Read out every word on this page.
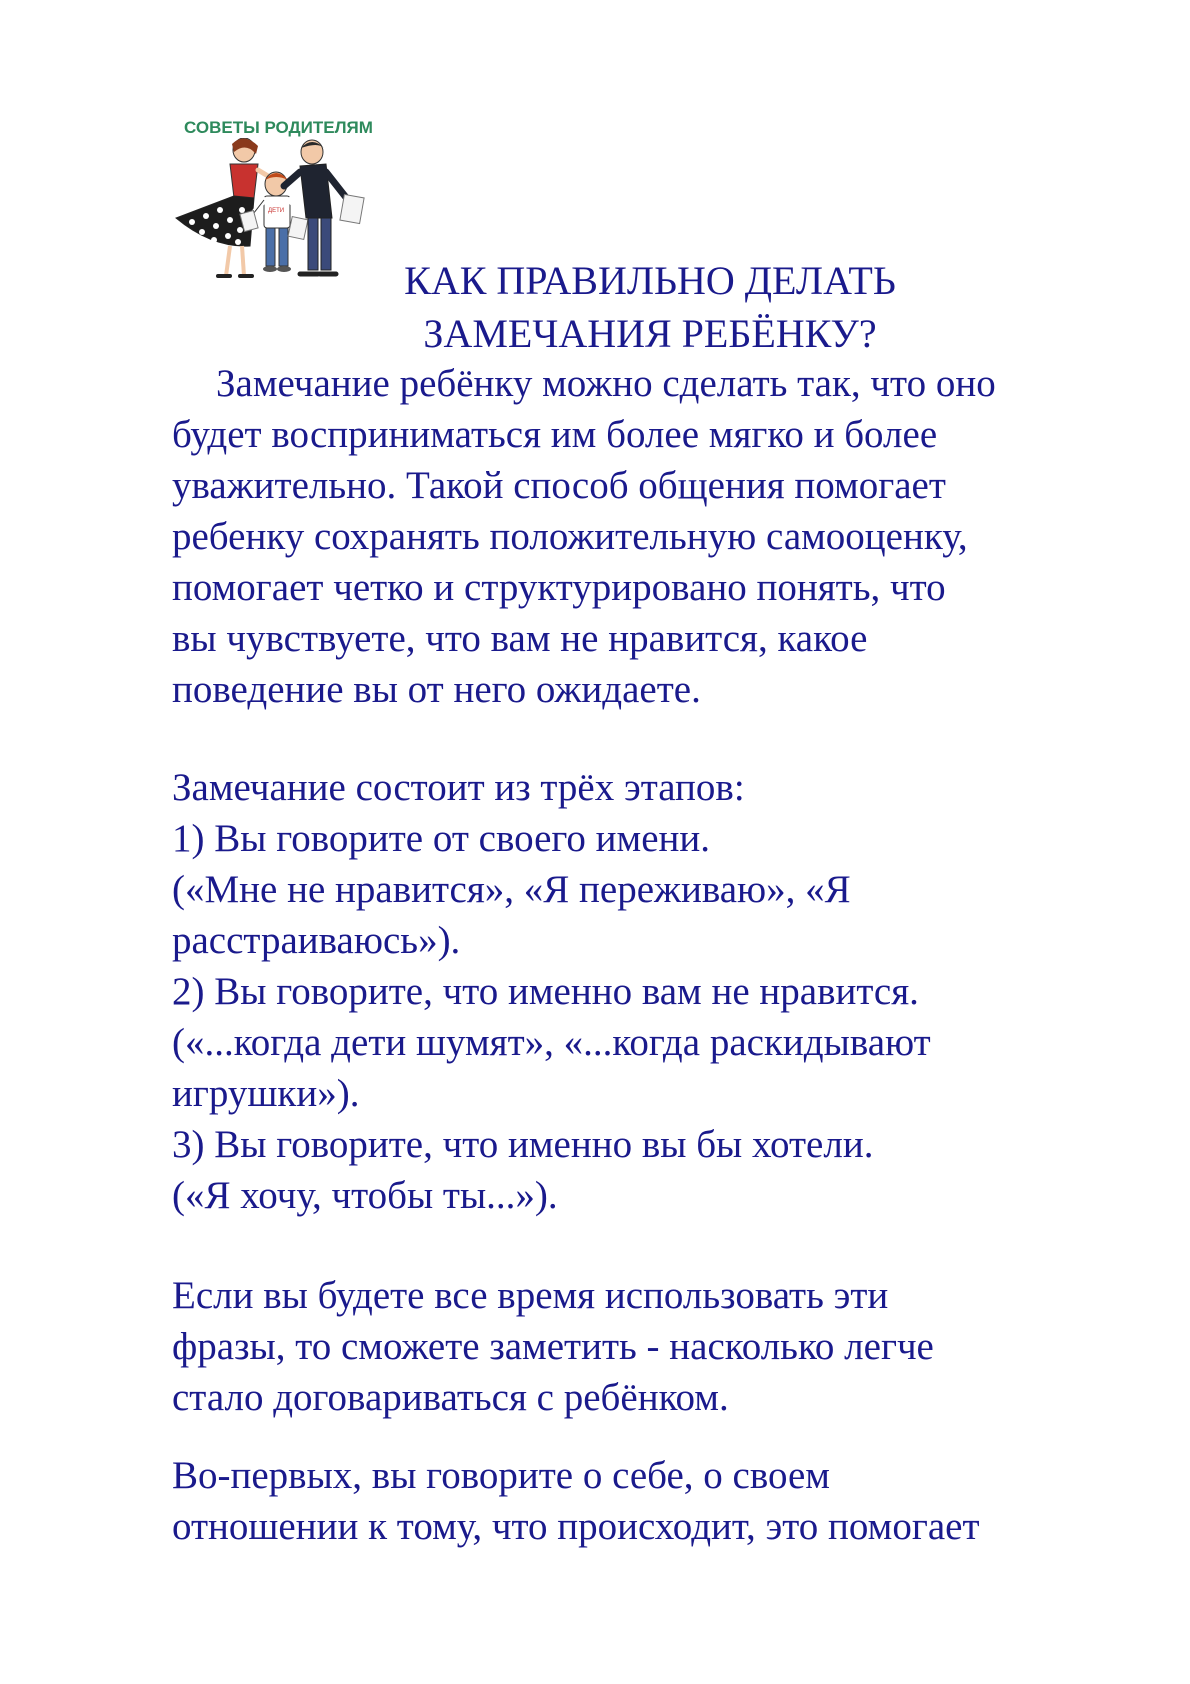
СОВЕТЫ РОДИТЕЛЯМ
ДЕТИ
КАК ПРАВИЛЬНО ДЕЛАТЬ
ЗАМЕЧАНИЯ РЕБЁНКУ?
Замечание ребёнку можно сделать так, что оно
будет восприниматься им более мягко и более
уважительно. Такой способ общения помогает
ребенку сохранять положительную самооценку,
помогает четко и структурировано понять, что
вы чувствуете, что вам не нравится, какое
поведение вы от него ожидаете.
Замечание состоит из трёх этапов:
1) Вы говорите от своего имени.
(«Мне не нравится», «Я переживаю», «Я
расстраиваюсь»).
2) Вы говорите, что именно вам не нравится.
(«...когда дети шумят», «...когда раскидывают
игрушки»).
3) Вы говорите, что именно вы бы хотели.
(«Я хочу, чтобы ты...»).
Если вы будете все время использовать эти
фразы, то сможете заметить - насколько легче
стало договариваться с ребёнком.
Во-первых, вы говорите о себе, о своем
отношении к тому, что происходит, это помогает
